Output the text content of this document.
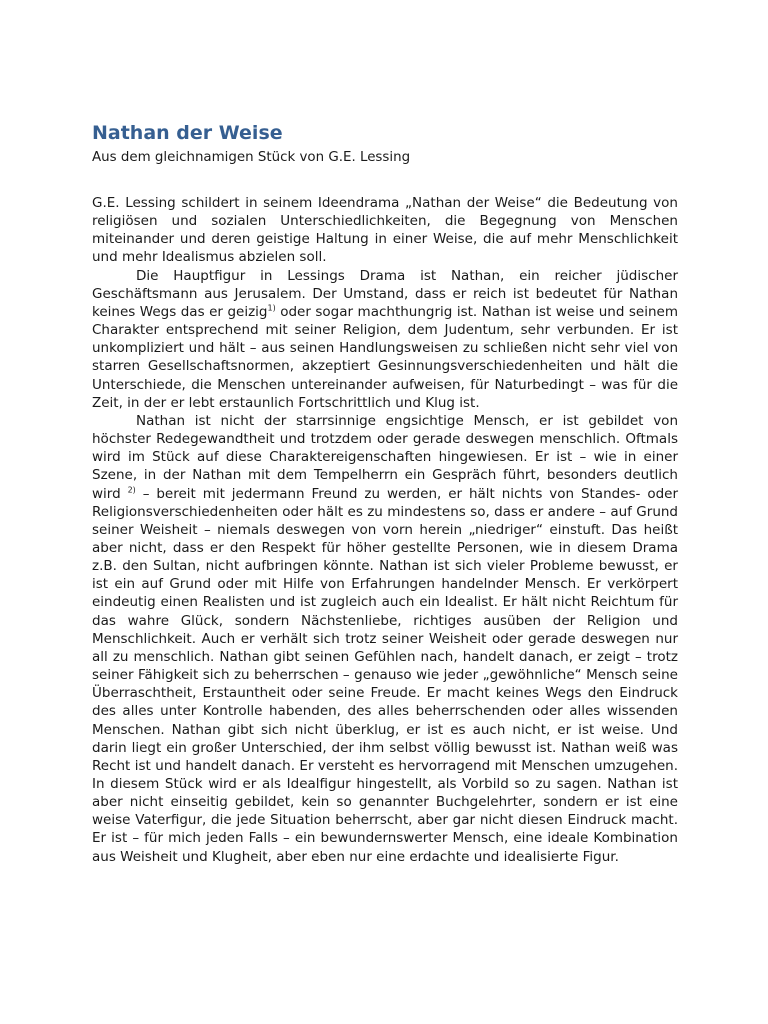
Nathan der Weise
Aus dem gleichnamigen Stück von G.E. Lessing

G.E. Lessing schildert in seinem Ideendrama „Nathan der Weise“ die Bedeutung von religiösen und sozialen Unterschiedlichkeiten, die Begegnung von Menschen miteinander und deren geistige Haltung in einer Weise, die auf mehr Menschlichkeit und mehr Idealismus abzielen soll.

Die Hauptfigur in Lessings Drama ist Nathan, ein reicher jüdischer Geschäftsmann aus Jerusalem. Der Umstand, dass er reich ist bedeutet für Nathan keines Wegs das er geizig$^{1)}$ oder sogar machthungrig ist. Nathan ist weise und seinem Charakter entsprechend mit seiner Religion, dem Judentum, sehr verbunden. Er ist unkompliziert und hält – aus seinen Handlungsweisen zu schließen nicht sehr viel von starren Gesellschaftsnormen, akzeptiert Gesinnungsverschiedenheiten und hält die Unterschiede, die Menschen untereinander aufweisen, für Naturbedingt – was für die Zeit, in der er lebt erstaunlich Fortschrittlich und Klug ist.

Nathan ist nicht der starrsinnige engsichtige Mensch, er ist gebildet von höchster Redegewandtheit und trotzdem oder gerade deswegen menschlich. Oftmals wird im Stück auf diese Charaktereigenschaften hingewiesen. Er ist – wie in einer Szene, in der Nathan mit dem Tempelherrn ein Gespräch führt, besonders deutlich wird $^{2)}$ – bereit mit jedermann Freund zu werden, er hält nichts von Standes- oder Religionsverschiedenheiten oder hält es zu mindestens so, dass er andere – auf Grund seiner Weisheit – niemals deswegen von vorn herein „niedriger“ einstuft. Das heißt aber nicht, dass er den Respekt für höher gestellte Personen, wie in diesem Drama z.B. den Sultan, nicht aufbringen könnte. Nathan ist sich vieler Probleme bewusst, er ist ein auf Grund oder mit Hilfe von Erfahrungen handelnder Mensch. Er verkörpert eindeutig einen Realisten und ist zugleich auch ein Idealist. Er hält nicht Reichtum für das wahre Glück, sondern Nächstenliebe, richtiges ausüben der Religion und Menschlichkeit. Auch er verhält sich trotz seiner Weisheit oder gerade deswegen nur all zu menschlich. Nathan gibt seinen Gefühlen nach, handelt danach, er zeigt – trotz seiner Fähigkeit sich zu beherrschen – genauso wie jeder „gewöhnliche“ Mensch seine Überraschtheit, Erstauntheit oder seine Freude. Er macht keines Wegs den Eindruck des alles unter Kontrolle habenden, des alles beherrschenden oder alles wissenden Menschen. Nathan gibt sich nicht überklug, er ist es auch nicht, er ist weise. Und darin liegt ein großer Unterschied, der ihm selbst völlig bewusst ist. Nathan weiß was Recht ist und handelt danach. Er versteht es hervorragend mit Menschen umzugehen. In diesem Stück wird er als Idealfigur hingestellt, als Vorbild so zu sagen. Nathan ist aber nicht einseitig gebildet, kein so genannter Buchgelehrter, sondern er ist eine weise Vaterfigur, die jede Situation beherrscht, aber gar nicht diesen Eindruck macht. Er ist – für mich jeden Falls – ein bewundernswerter Mensch, eine ideale Kombination aus Weisheit und Klugheit, aber eben nur eine erdachte und idealisierte Figur.
